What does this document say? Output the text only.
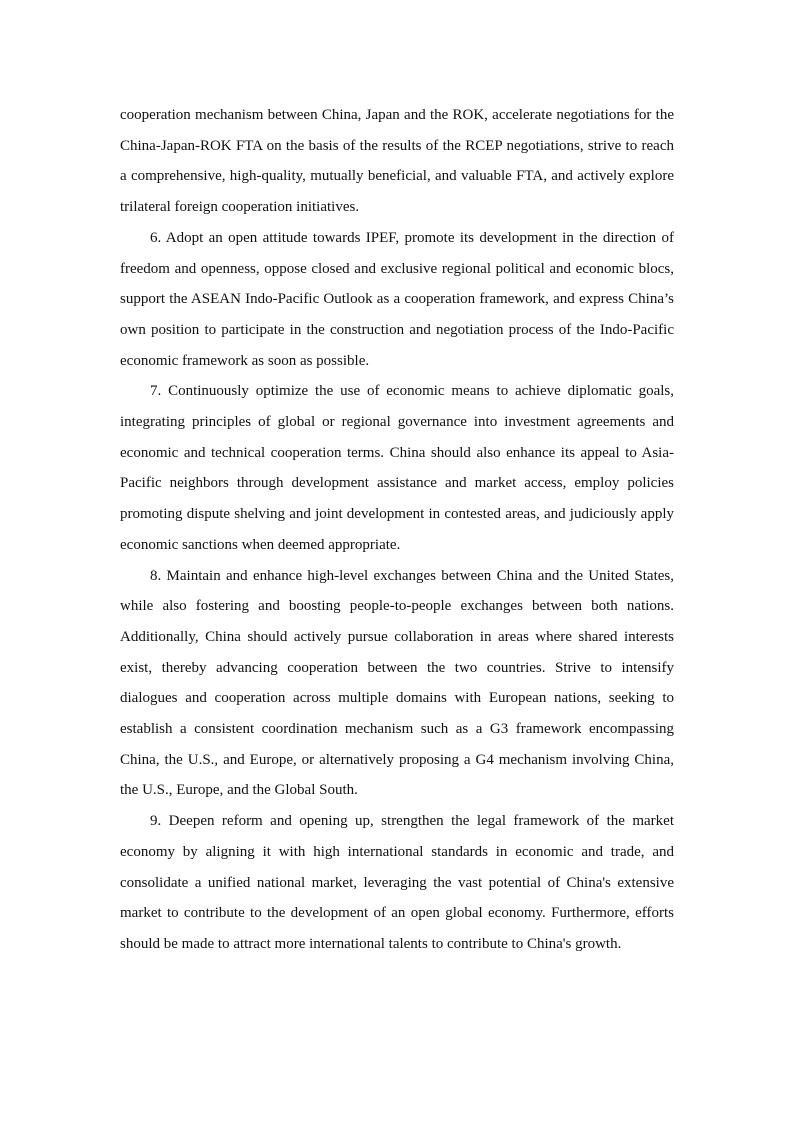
cooperation mechanism between China, Japan and the ROK, accelerate negotiations for the China-Japan-ROK FTA on the basis of the results of the RCEP negotiations, strive to reach a comprehensive, high-quality, mutually beneficial, and valuable FTA, and actively explore trilateral foreign cooperation initiatives.

6. Adopt an open attitude towards IPEF, promote its development in the direction of freedom and openness, oppose closed and exclusive regional political and economic blocs, support the ASEAN Indo-Pacific Outlook as a cooperation framework, and express China’s own position to participate in the construction and negotiation process of the Indo-Pacific economic framework as soon as possible.

7. Continuously optimize the use of economic means to achieve diplomatic goals, integrating principles of global or regional governance into investment agreements and economic and technical cooperation terms. China should also enhance its appeal to Asia-Pacific neighbors through development assistance and market access, employ policies promoting dispute shelving and joint development in contested areas, and judiciously apply economic sanctions when deemed appropriate.

8. Maintain and enhance high-level exchanges between China and the United States, while also fostering and boosting people-to-people exchanges between both nations. Additionally, China should actively pursue collaboration in areas where shared interests exist, thereby advancing cooperation between the two countries. Strive to intensify dialogues and cooperation across multiple domains with European nations, seeking to establish a consistent coordination mechanism such as a G3 framework encompassing China, the U.S., and Europe, or alternatively proposing a G4 mechanism involving China, the U.S., Europe, and the Global South.

9. Deepen reform and opening up, strengthen the legal framework of the market economy by aligning it with high international standards in economic and trade, and consolidate a unified national market, leveraging the vast potential of China's extensive market to contribute to the development of an open global economy. Furthermore, efforts should be made to attract more international talents to contribute to China's growth.
